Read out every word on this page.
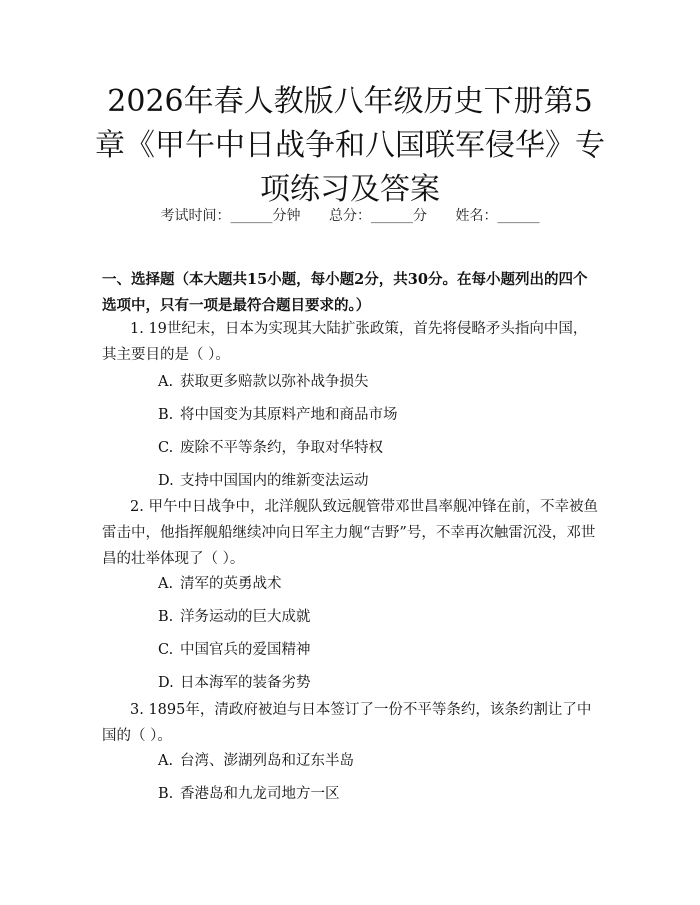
2026年春人教版八年级历史下册第5章《甲午中日战争和八国联军侵华》专项练习及答案
考试时间：______分钟 总分：______分 姓名：______
一、选择题（本大题共15小题，每小题2分，共30分。在每小题列出的四个选项中，只有一项是最符合题目要求的。）
1. 19世纪末，日本为实现其大陆扩张政策，首先将侵略矛头指向中国，其主要目的是（ ）。
A. 获取更多赔款以弥补战争损失
B. 将中国变为其原料产地和商品市场
C. 废除不平等条约，争取对华特权
D. 支持中国国内的维新变法运动
2. 甲午中日战争中，北洋舰队致远舰管带邓世昌率舰冲锋在前，不幸被鱼雷击中，他指挥舰船继续冲向日军主力舰“吉野”号，不幸再次触雷沉没，邓世昌的壮举体现了（ ）。
A. 清军的英勇战术
B. 洋务运动的巨大成就
C. 中国官兵的爱国精神
D. 日本海军的装备劣势
3. 1895年，清政府被迫与日本签订了一份不平等条约，该条约割让了中国的（ ）。
A. 台湾、澎湖列岛和辽东半岛
B. 香港岛和九龙司地方一区
